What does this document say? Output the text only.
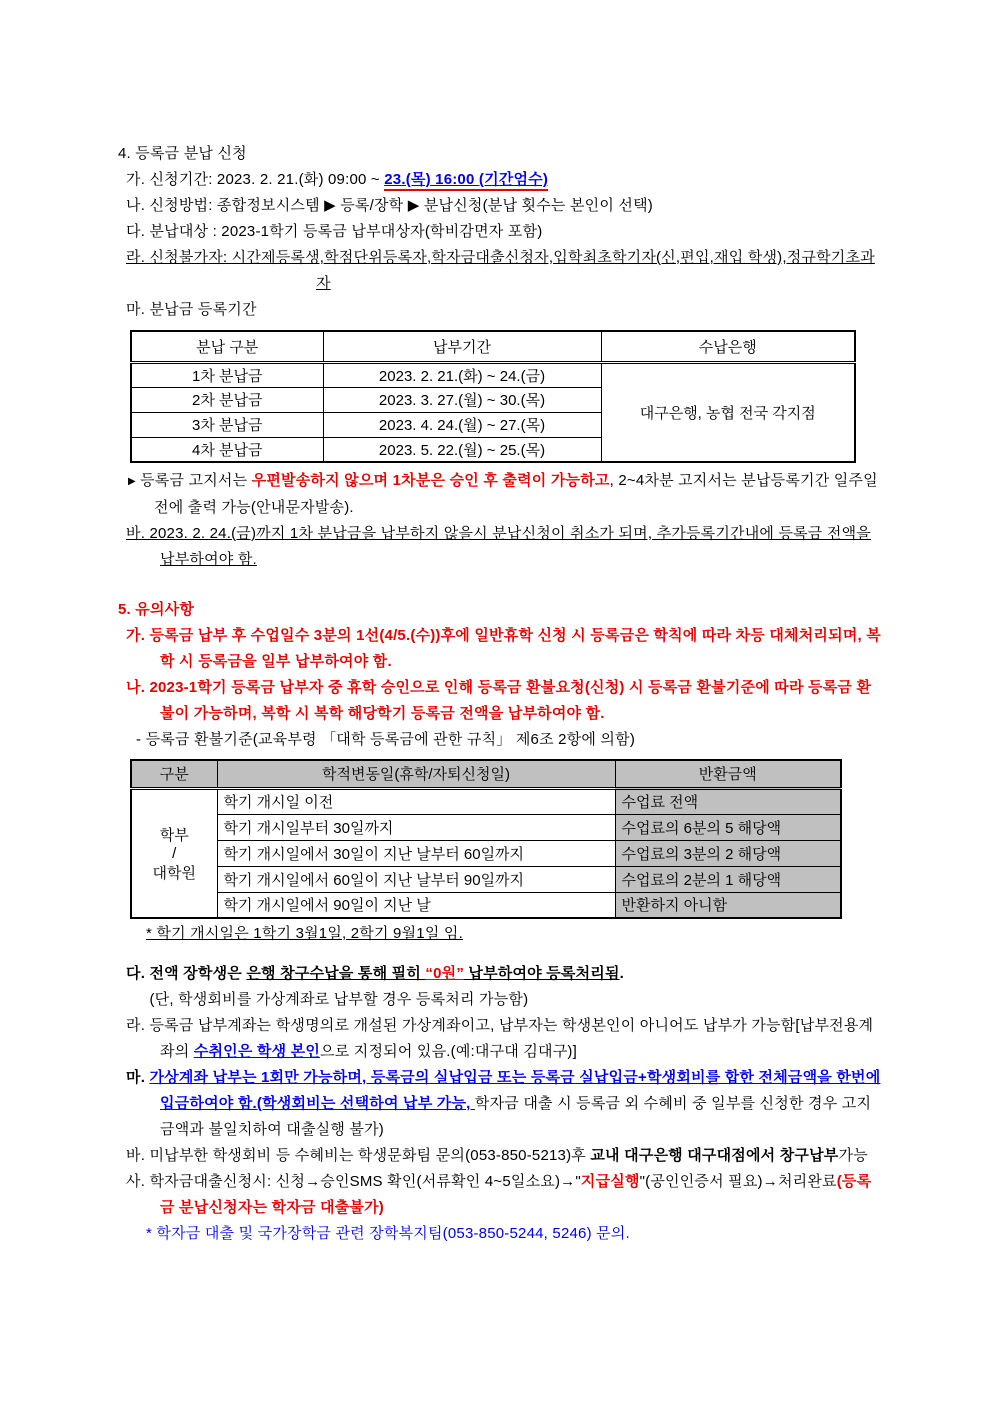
4. 등록금 분납 신청

가. 신청기간: 2023. 2. 21.(화) 09:00 ~ 23.(목) 16:00 (기간엄수)

나. 신청방법: 종합정보시스템 ▶ 등록/장학 ▶ 분납신청(분납 횟수는 본인이 선택)

다. 분납대상 : 2023-1학기 등록금 납부대상자(학비감면자 포함)

라. 신청불가자: 시간제등록생,학점단위등록자,학자금대출신청자,입학최초학기자(신,편입,재입 학생),정규학기초과자

마. 분납금 등록기간

분납 구분	납부기간	수납은행
1차 분납금	2023. 2. 21.(화) ~ 24.(금)	대구은행, 농협 전국 각지점
2차 분납금	2023. 3. 27.(월) ~ 30.(목)	
3차 분납금	2023. 4. 24.(월) ~ 27.(목)	
4차 분납금	2023. 5. 22.(월) ~ 25.(목)	

▶ 등록금 고지서는 우편발송하지 않으며 1차분은 승인 후 출력이 가능하고, 2~4차분 고지서는 분납등록기간 일주일 전에 출력 가능(안내문자발송).

바. 2023. 2. 24.(금)까지 1차 분납금을 납부하지 않을시 분납신청이 취소가 되며, 추가등록기간내에 등록금 전액을 납부하여야 함.

5. 유의사항

가. 등록금 납부 후 수업일수 3분의 1선(4/5.(수))후에 일반휴학 신청 시 등록금은 학칙에 따라 차등 대체처리되며, 복학 시 등록금을 일부 납부하여야 함.

나. 2023-1학기 등록금 납부자 중 휴학 승인으로 인해 등록금 환불요청(신청) 시 등록금 환불기준에 따라 등록금 환불이 가능하며, 복학 시 복학 해당학기 등록금 전액을 납부하여야 함.

- 등록금 환불기준(교육부령 「대학 등록금에 관한 규칙」 제6조 2항에 의함)

구분	학적변동일(휴학/자퇴신청일)	반환금액
학부
/
대학원	학기 개시일 이전	수업료 전액
	학기 개시일부터 30일까지	수업료의 6분의 5 해당액
	학기 개시일에서 30일이 지난 날부터 60일까지	수업료의 3분의 2 해당액
	학기 개시일에서 60일이 지난 날부터 90일까지	수업료의 2분의 1 해당액
	학기 개시일에서 90일이 지난 날	반환하지 아니함

* 학기 개시일은 1학기 3월1일, 2학기 9월1일 임.

다. 전액 장학생은 은행 창구수납을 통해 필히 “0원” 납부하여야 등록처리됨.

(단, 학생회비를 가상계좌로 납부할 경우 등록처리 가능함)

라. 등록금 납부계좌는 학생명의로 개설된 가상계좌이고, 납부자는 학생본인이 아니어도 납부가 가능함[납부전용계좌의 수취인은 학생 본인으로 지정되어 있음.(예:대구대 김대구)]

마. 가상계좌 납부는 1회만 가능하며, 등록금의 실납입금 또는 등록금 실납입금+학생회비를 합한 전체금액을 한번에 입금하여야 함.(학생회비는 선택하여 납부 가능, 학자금 대출 시 등록금 외 수혜비 중 일부를 신청한 경우 고지금액과 불일치하여 대출실행 불가)

바. 미납부한 학생회비 등 수혜비는 학생문화팀 문의(053-850-5213)후 교내 대구은행 대구대점에서 창구납부가능

사. 학자금대출신청시: 신청→승인SMS 확인(서류확인 4~5일소요)→"지급실행"(공인인증서 필요)→처리완료(등록금 분납신청자는 학자금 대출불가)

* 학자금 대출 및 국가장학금 관련 장학복지팀(053-850-5244, 5246) 문의.
